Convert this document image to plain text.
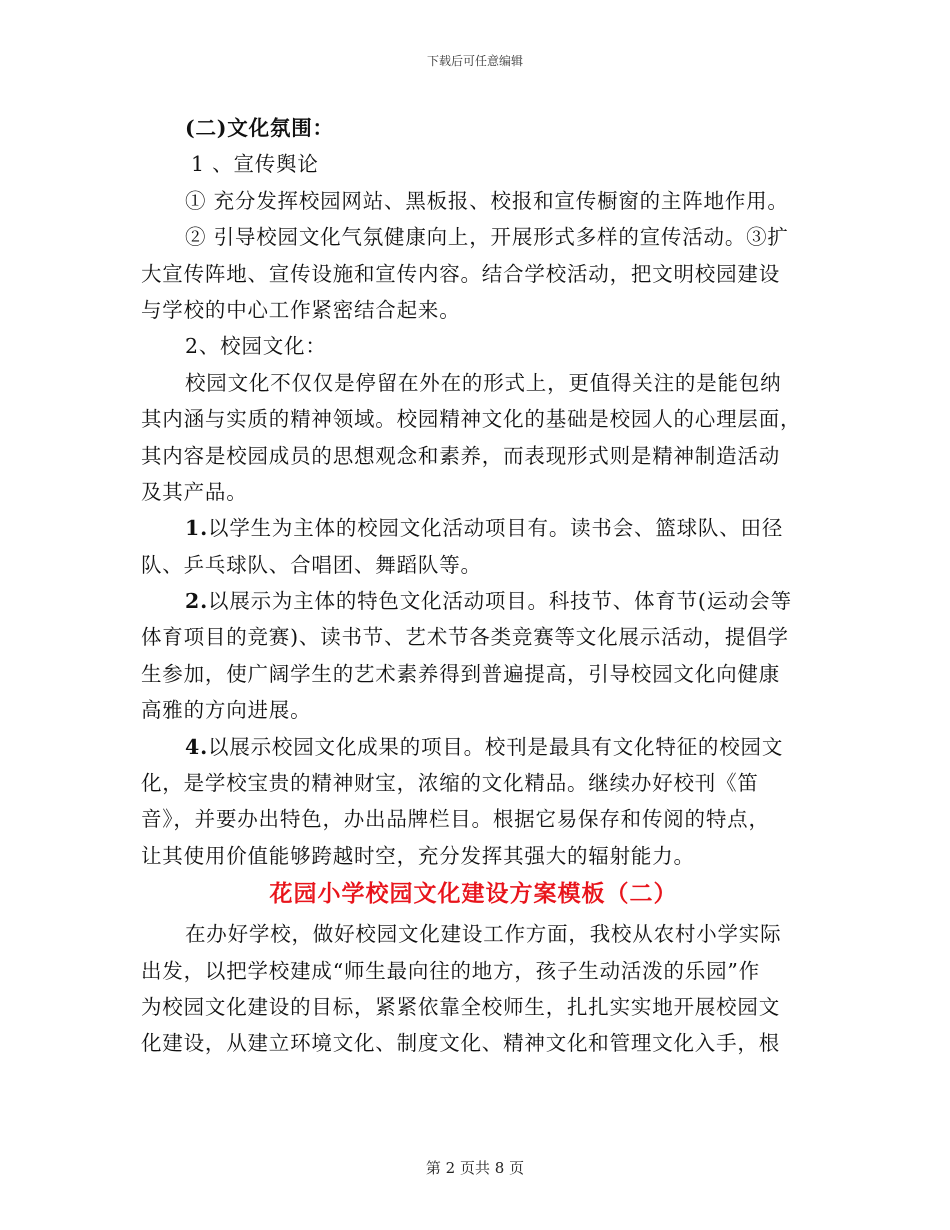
下载后可任意编辑
(二)文化氛围：
1 、宣传舆论
① 充分发挥校园网站、黑板报、校报和宣传橱窗的主阵地作用。
② 引导校园文化气氛健康向上，开展形式多样的宣传活动。③扩
大宣传阵地、宣传设施和宣传内容。结合学校活动，把文明校园建设
与学校的中心工作紧密结合起来。
2、校园文化：
校园文化不仅仅是停留在外在的形式上，更值得关注的是能包纳
其内涵与实质的精神领域。校园精神文化的基础是校园人的心理层面，
其内容是校园成员的思想观念和素养，而表现形式则是精神制造活动
及其产品。
1.以学生为主体的校园文化活动项目有。读书会、篮球队、田径
队、乒乓球队、合唱团、舞蹈队等。
2.以展示为主体的特色文化活动项目。科技节、体育节(运动会等
体育项目的竞赛)、读书节、艺术节各类竞赛等文化展示活动，提倡学
生参加，使广阔学生的艺术素养得到普遍提高，引导校园文化向健康
高雅的方向进展。
4.以展示校园文化成果的项目。校刊是最具有文化特征的校园文
化，是学校宝贵的精神财宝，浓缩的文化精品。继续办好校刊《笛
音》，并要办出特色，办出品牌栏目。根据它易保存和传阅的特点，
让其使用价值能够跨越时空，充分发挥其强大的辐射能力。
花园小学校园文化建设方案模板（二）
在办好学校，做好校园文化建设工作方面，我校从农村小学实际
出发，以把学校建成“师生最向往的地方，孩子生动活泼的乐园”作
为校园文化建设的目标，紧紧依靠全校师生，扎扎实实地开展校园文
化建设，从建立环境文化、制度文化、精神文化和管理文化入手，根
第 2 页共 8 页
